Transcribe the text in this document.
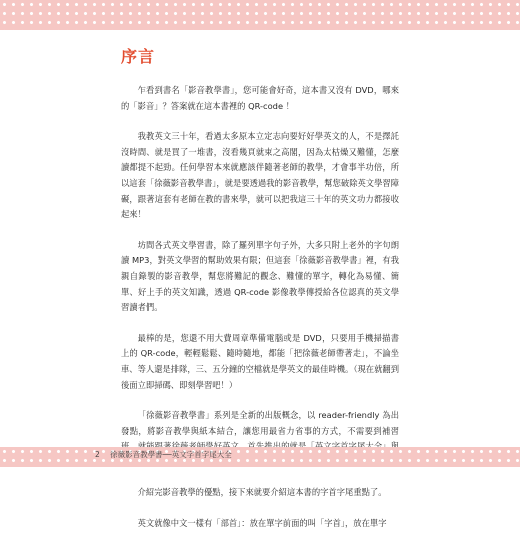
序言

乍看到書名「影音教學書」，您可能會好奇，這本書又沒有 DVD，哪來的「影音」？答案就在這本書裡的 QR-code ！

我教英文三十年，看過太多原本立定志向要好好學英文的人，不是擇託沒時間、就是買了一堆書，沒看幾頁就束之高閣，因為太枯燥又難懂，怎麼讀都提不起勁。任何學習本來就應該伴隨著老師的教學，才會事半功倍，所以這套「徐薇影音教學書」，就是要透過我的影音教學，幫您破除英文學習障礙，跟著這套有老師在教的書來學，就可以把我這三十年的英文功力都接收起來！

坊間各式英文學習書，除了羅列單字句子外，大多只附上老外的字句朗讀 MP3，對英文學習的幫助效果有限；但這套「徐薇影音教學書」裡，有我親自錄製的影音教學，幫您將難記的觀念、難懂的單字，轉化為易懂、簡單、好上手的英文知識，透過 QR-code 影像教學傳授給各位認真的英文學習讀者們。

最棒的是，您還不用大費周章準備電腦或是 DVD，只要用手機掃描書上的 QR-code，輕輕鬆鬆、隨時隨地，都能「把徐薇老師帶著走」，不論坐車、等人還是排隊，三、五分鐘的空檔就是學英文的最佳時機。（現在就翻到後面立即掃碼、即刻學習吧！）

「徐薇影音教學書」系列是全新的出版概念，以 reader-friendly 為出發點，將影音教學與紙本結合，讓您用最省力省事的方式，不需要到補習

介紹完影音教學的優點，接下來就要介紹這本書的字首字尾重點了。

英文就像中文一樣有「部首」：放在單字前面的叫「字首」，放在單字

2 徐薇影音教學書──英文字首字尾大全
